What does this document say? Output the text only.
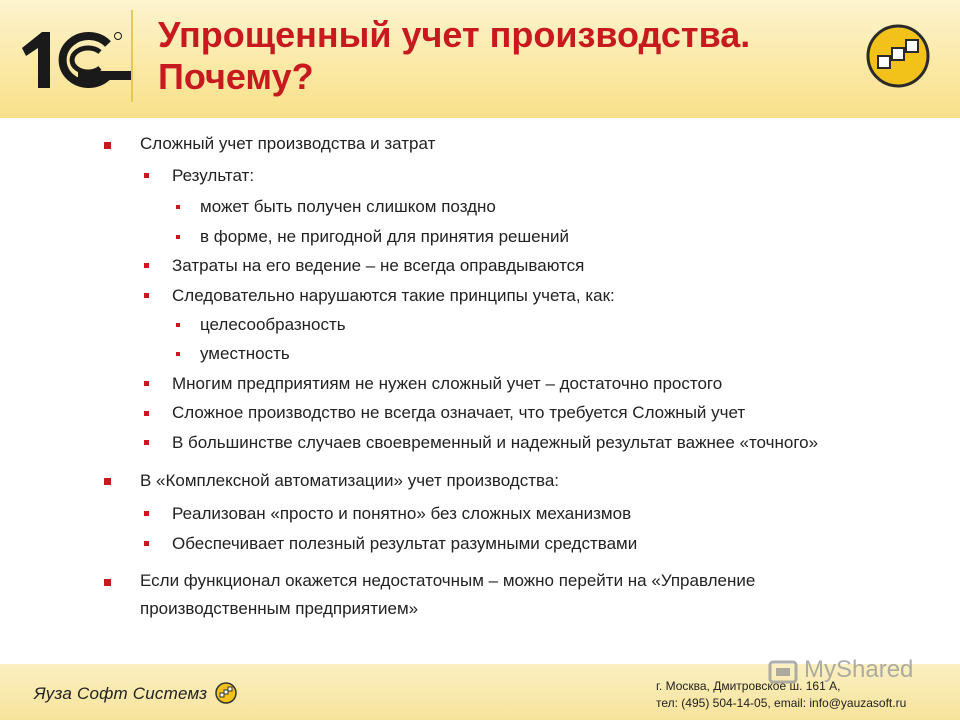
Упрощенный учет производства.
Почему?
Сложный учет производства и затрат
Результат:
может быть получен слишком поздно
в форме, не пригодной для принятия решений
Затраты на его ведение – не всегда оправдываются
Следовательно нарушаются такие принципы учета, как:
целесообразность
уместность
Многим предприятиям не нужен сложный учет – достаточно простого
Сложное производство не всегда означает, что требуется Сложный учет
В большинстве случаев своевременный и надежный результат важнее «точного»
В «Комплексной автоматизации» учет производства:
Реализован «просто и понятно» без сложных механизмов
Обеспечивает полезный результат разумными средствами
Если функционал окажется недостаточным – можно перейти на «Управление
производственным предприятием»
Яуза Софт Системз
MyShared
г. Москва, Дмитровское ш. 161 А,
тел: (495) 504-14-05, email: info@yauzasoft.ru
